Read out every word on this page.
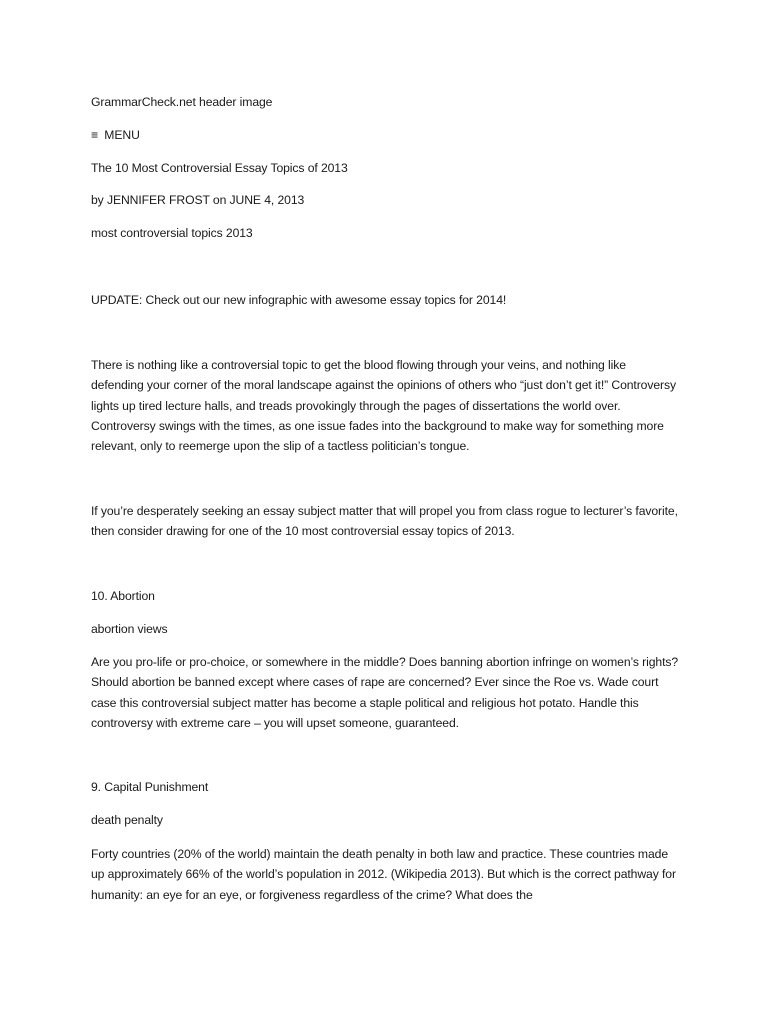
GrammarCheck.net header image

≡ MENU

The 10 Most Controversial Essay Topics of 2013

by JENNIFER FROST on JUNE 4, 2013

most controversial topics 2013

UPDATE: Check out our new infographic with awesome essay topics for 2014!

There is nothing like a controversial topic to get the blood flowing through your veins, and nothing like defending your corner of the moral landscape against the opinions of others who “just don’t get it!” Controversy lights up tired lecture halls, and treads provokingly through the pages of dissertations the world over. Controversy swings with the times, as one issue fades into the background to make way for something more relevant, only to reemerge upon the slip of a tactless politician’s tongue.

If you’re desperately seeking an essay subject matter that will propel you from class rogue to lecturer’s favorite, then consider drawing for one of the 10 most controversial essay topics of 2013.

10. Abortion

abortion views

Are you pro-life or pro-choice, or somewhere in the middle? Does banning abortion infringe on women’s rights? Should abortion be banned except where cases of rape are concerned? Ever since the Roe vs. Wade court case this controversial subject matter has become a staple political and religious hot potato. Handle this controversy with extreme care – you will upset someone, guaranteed.

9. Capital Punishment

death penalty

Forty countries (20% of the world) maintain the death penalty in both law and practice. These countries made up approximately 66% of the world’s population in 2012. (Wikipedia 2013). But which is the correct pathway for humanity: an eye for an eye, or forgiveness regardless of the crime? What does the
